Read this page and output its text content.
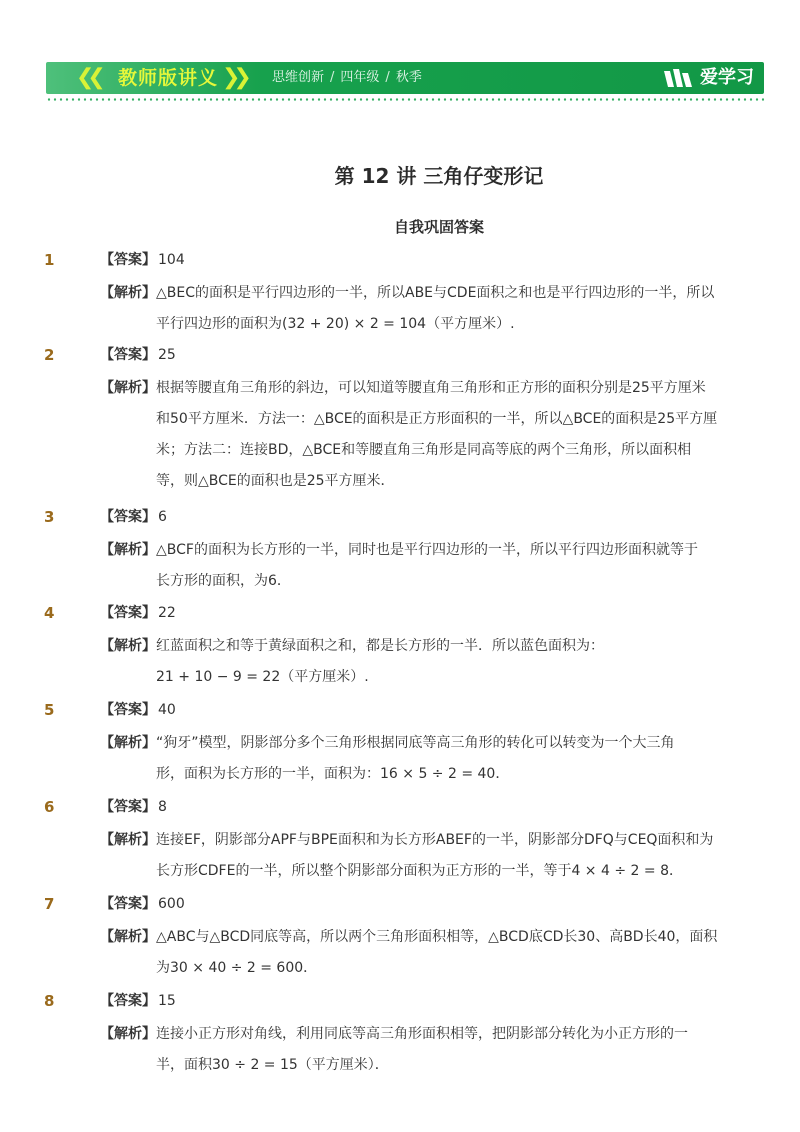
❮❮ 教师版讲义 ❯❯ 思维创新 / 四年级 / 秋季	爱学习
第 12 讲 三角仔变形记
自我巩固答案
1	【答案】 104
【解析】△BEC的面积是平行四边形的一半，所以ABE与CDE面积之和也是平行四边形的一半，所以
平行四边形的面积为(32 + 20) × 2 = 104（平方厘米）.
2	【答案】 25
【解析】根据等腰直角三角形的斜边，可以知道等腰直角三角形和正方形的面积分别是25平方厘米
和50平方厘米．方法一：△BCE的面积是正方形面积的一半，所以△BCE的面积是25平方厘
米；方法二：连接BD，△BCE和等腰直角三角形是同高等底的两个三角形，所以面积相
等，则△BCE的面积也是25平方厘米．
3	【答案】 6
【解析】△BCF的面积为长方形的一半，同时也是平行四边形的一半，所以平行四边形面积就等于
长方形的面积，为6．
4	【答案】 22
【解析】红蓝面积之和等于黄绿面积之和，都是长方形的一半．所以蓝色面积为：
21 + 10 − 9 = 22（平方厘米）.
5	【答案】 40
【解析】“狗牙”模型，阴影部分多个三角形根据同底等高三角形的转化可以转变为一个大三角
形，面积为长方形的一半，面积为：16 × 5 ÷ 2 = 40．
6	【答案】 8
【解析】连接EF，阴影部分APF与BPE面积和为长方形ABEF的一半，阴影部分DFQ与CEQ面积和为
长方形CDFE的一半，所以整个阴影部分面积为正方形的一半，等于4 × 4 ÷ 2 = 8．
7	【答案】 600
【解析】△ABC与△BCD同底等高，所以两个三角形面积相等，△BCD底CD长30、高BD长40，面积
为30 × 40 ÷ 2 = 600．
8	【答案】 15
【解析】连接小正方形对角线，利用同底等高三角形面积相等，把阴影部分转化为小正方形的一
半，面积30 ÷ 2 = 15（平方厘米）．
